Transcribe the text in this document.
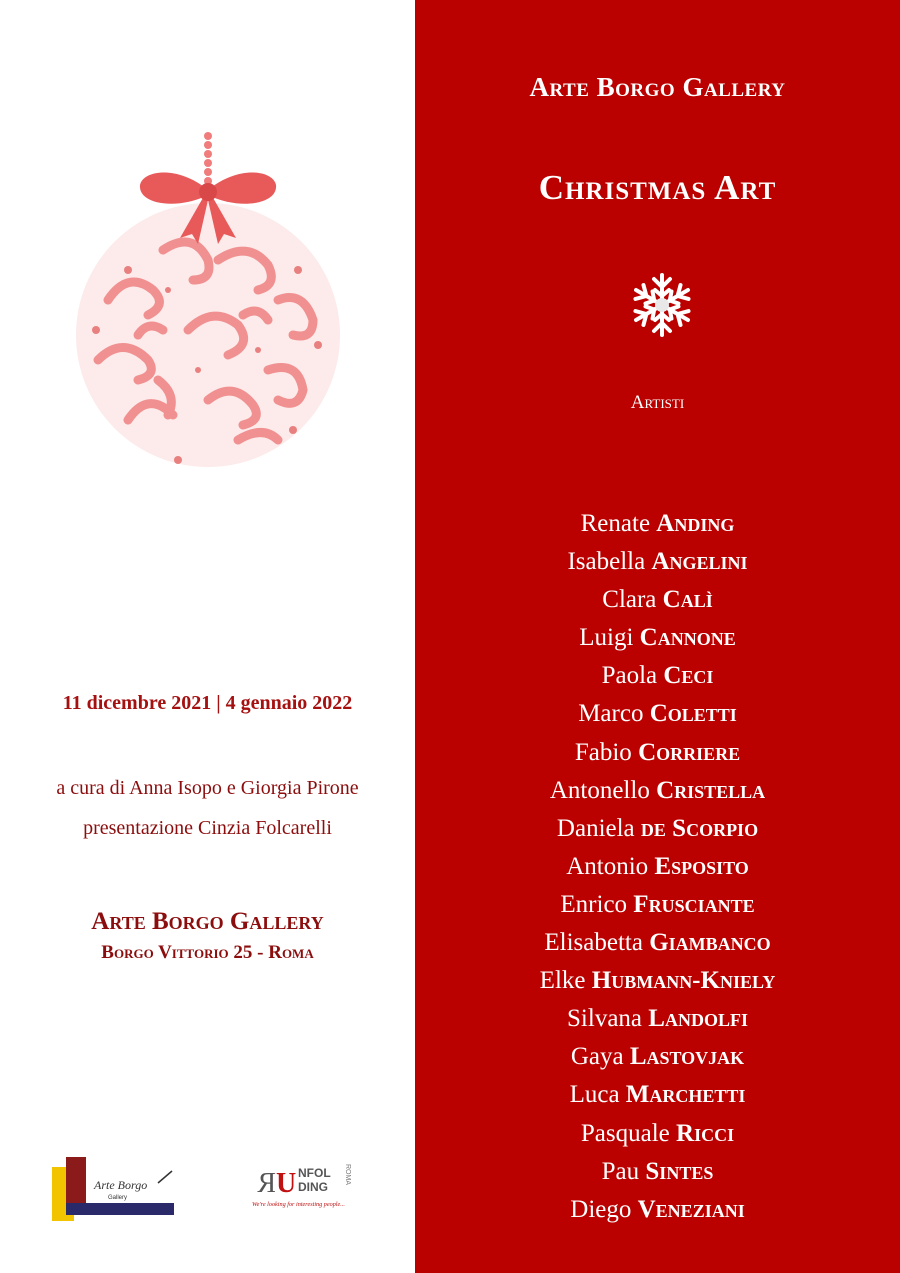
11 dicembre 2021 | 4 gennaio 2022
a cura di Anna Isopo e Giorgia Pirone
presentazione Cinzia Folcarelli
Arte Borgo Gallery
Borgo Vittorio 25 - Roma
Arte Borgo
Gallery	R U NFOL
DING
ROMA
We're looking for interesting people...
Arte Borgo Gallery
Christmas Art
Artisti
Renate Anding
Isabella Angelini
Clara Calì
Luigi Cannone
Paola Ceci
Marco Coletti
Fabio Corriere
Antonello Cristella
Daniela de Scorpio
Antonio Esposito
Enrico Frusciante
Elisabetta Giambanco
Elke Hubmann-Kniely
Silvana Landolfi
Gaya Lastovjak
Luca Marchetti
Pasquale Ricci
Pau Sintes
Diego Veneziani
